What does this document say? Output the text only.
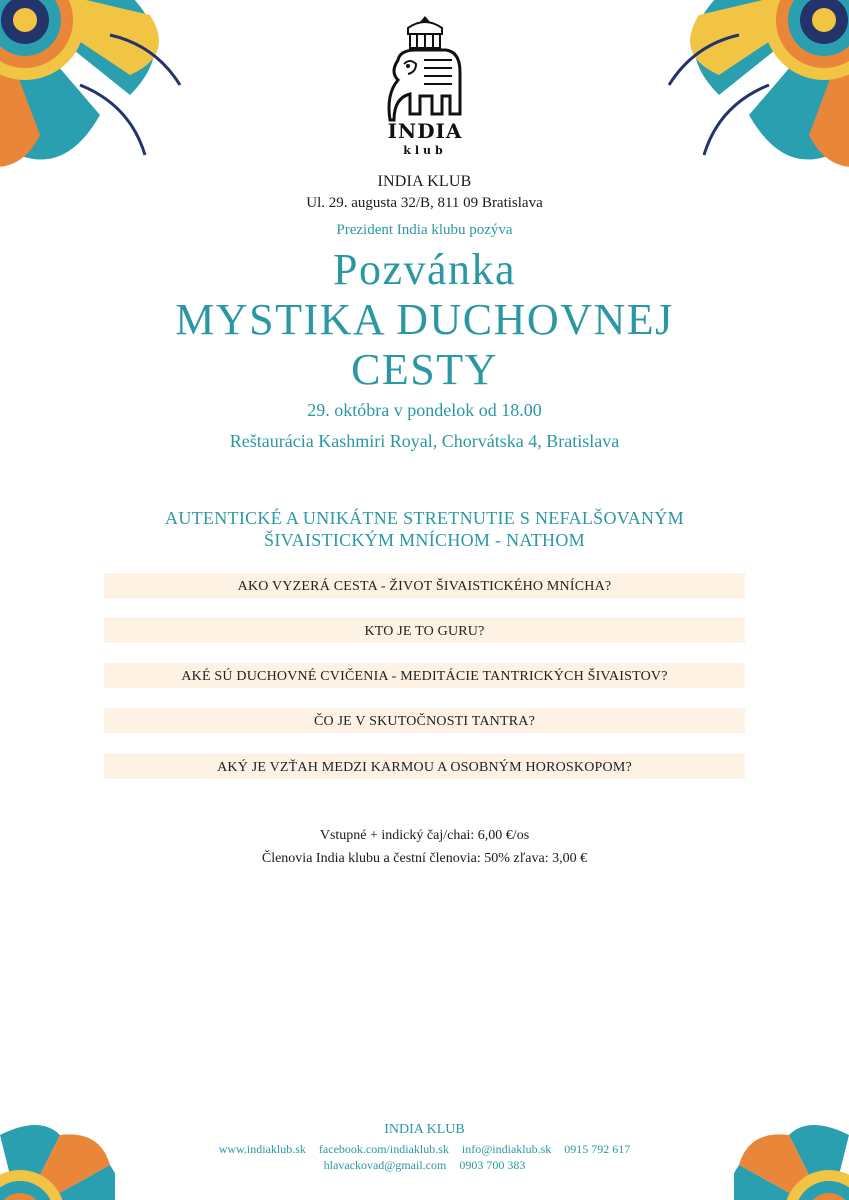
INDIA
klub
INDIA KLUB
Ul. 29. augusta 32/B, 811 09 Bratislava
Prezident India klubu pozýva
Pozvánka
MYSTIKA DUCHOVNEJ
CESTY
29. októbra v pondelok od 18.00
Reštaurácia Kashmiri Royal, Chorvátska 4, Bratislava
AUTENTICKÉ A UNIKÁTNE STRETNUTIE S NEFALŠOVANÝM
ŠIVAISTICKÝM MNÍCHOM - NATHOM
AKO VYZERÁ CESTA - ŽIVOT ŠIVAISTICKÉHO MNÍCHA?
KTO JE TO GURU?
AKÉ SÚ DUCHOVNÉ CVIČENIA - MEDITÁCIE TANTRICKÝCH ŠIVAISTOV?
ČO JE V SKUTOČNOSTI TANTRA?
AKÝ JE VZŤAH MEDZI KARMOU A OSOBNÝM HOROSKOPOM?
Vstupné + indický čaj/chai: 6,00 €/os
Členovia India klubu a čestní členovia: 50% zľava: 3,00 €
INDIA KLUB
www.indiaklub.sk facebook.com/indiaklub.sk info@indiaklub.sk 0915 792 617
hlavackovad@gmail.com 0903 700 383
